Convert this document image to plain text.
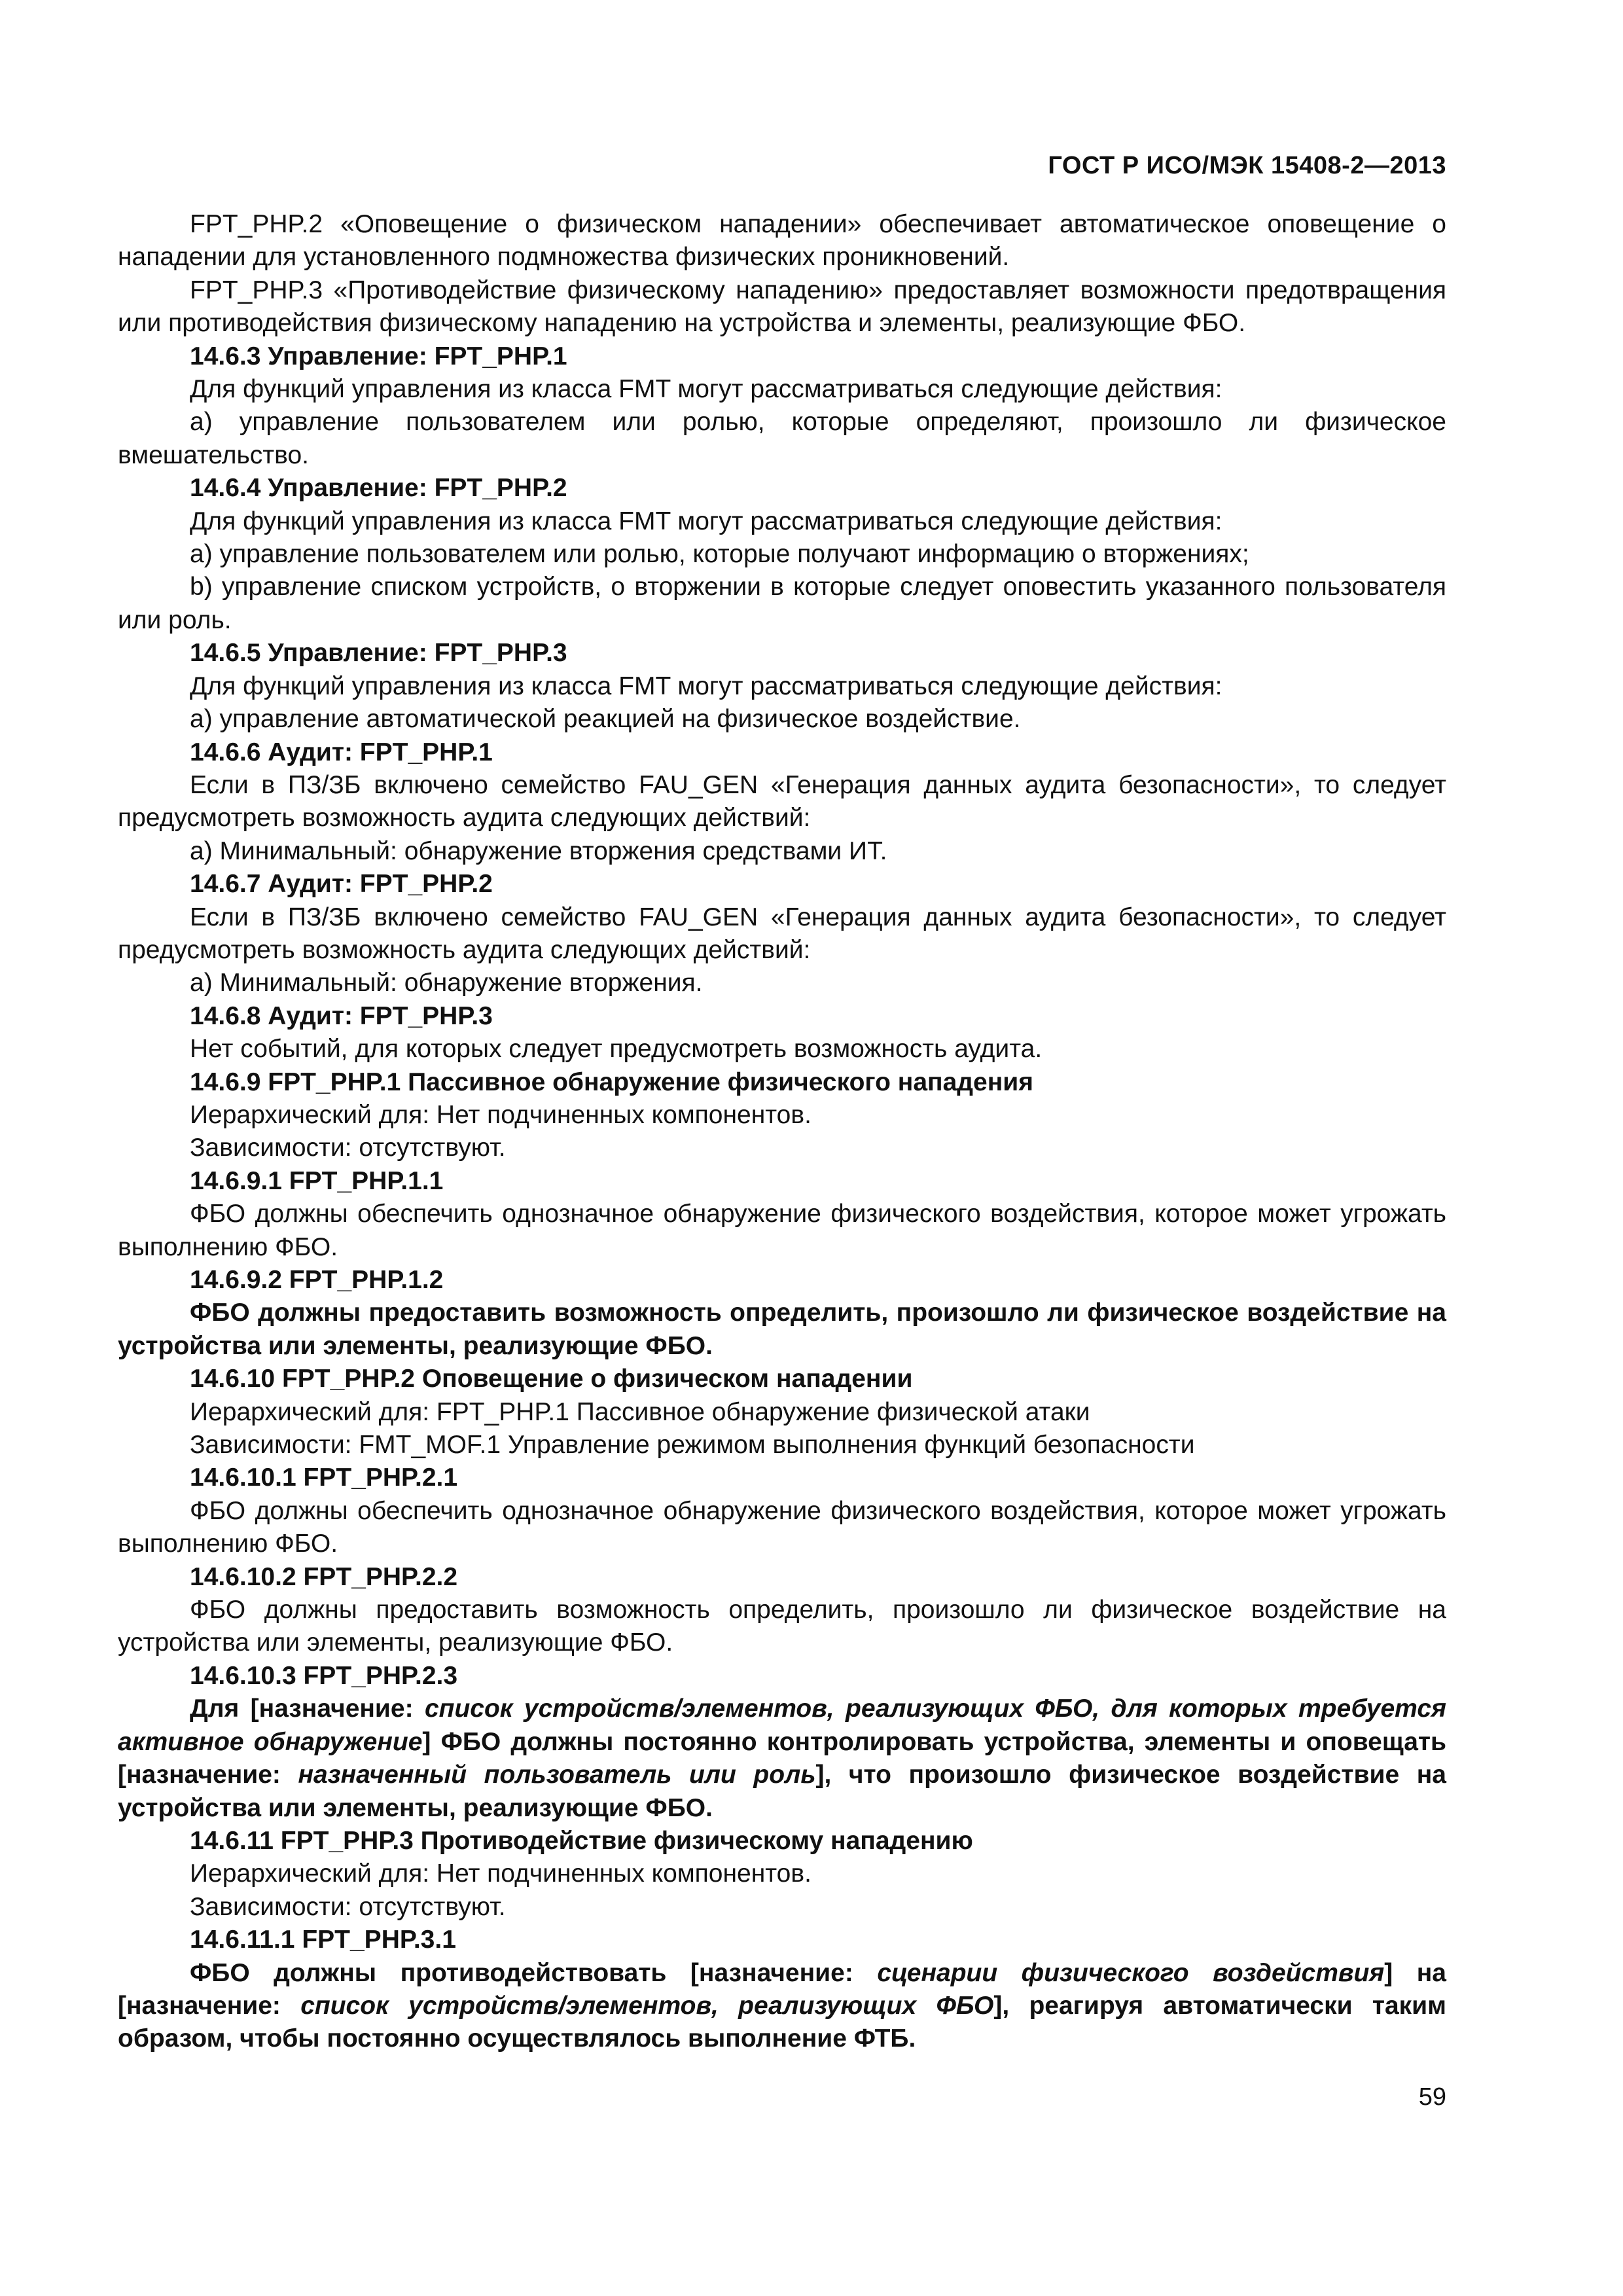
ГОСТ Р ИСО/МЭК 15408-2—2013

FPT_PHP.2 «Оповещение о физическом нападении» обеспечивает автоматическое оповещение о нападении для установленного подмножества физических проникновений.

FPT_PHP.3 «Противодействие физическому нападению» предоставляет возможности предотвращения или противодействия физическому нападению на устройства и элементы, реализующие ФБО.

14.6.3 Управление: FPT_PHP.1

Для функций управления из класса FMT могут рассматриваться следующие действия:

a) управление пользователем или ролью, которые определяют, произошло ли физическое вмешательство.

14.6.4 Управление: FPT_PHP.2

Для функций управления из класса FMT могут рассматриваться следующие действия:

a) управление пользователем или ролью, которые получают информацию о вторжениях;

b) управление списком устройств, о вторжении в которые следует оповестить указанного пользователя или роль.

14.6.5 Управление: FPT_PHP.3

Для функций управления из класса FMT могут рассматриваться следующие действия:

a) управление автоматической реакцией на физическое воздействие.

14.6.6 Аудит: FPT_PHP.1

Если в ПЗ/ЗБ включено семейство FAU_GEN «Генерация данных аудита безопасности», то следует предусмотреть возможность аудита следующих действий:

a) Минимальный: обнаружение вторжения средствами ИТ.

14.6.7 Аудит: FPT_PHP.2

Если в ПЗ/ЗБ включено семейство FAU_GEN «Генерация данных аудита безопасности», то следует предусмотреть возможность аудита следующих действий:

a) Минимальный: обнаружение вторжения.

14.6.8 Аудит: FPT_PHP.3

Нет событий, для которых следует предусмотреть возможность аудита.

14.6.9 FPT_PHP.1 Пассивное обнаружение физического нападения

Иерархический для: Нет подчиненных компонентов.

Зависимости: отсутствуют.

14.6.9.1 FPT_PHP.1.1

ФБО должны обеспечить однозначное обнаружение физического воздействия, которое может угрожать выполнению ФБО.

14.6.9.2 FPT_PHP.1.2

ФБО должны предоставить возможность определить, произошло ли физическое воздействие на устройства или элементы, реализующие ФБО.

14.6.10 FPT_PHP.2 Оповещение о физическом нападении

Иерархический для: FPT_PHP.1 Пассивное обнаружение физической атаки

Зависимости: FMT_MOF.1 Управление режимом выполнения функций безопасности

14.6.10.1 FPT_PHP.2.1

ФБО должны обеспечить однозначное обнаружение физического воздействия, которое может угрожать выполнению ФБО.

14.6.10.2 FPT_PHP.2.2

ФБО должны предоставить возможность определить, произошло ли физическое воздействие на устройства или элементы, реализующие ФБО.

14.6.10.3 FPT_PHP.2.3

Для [назначение: список устройств/элементов, реализующих ФБО, для которых требуется активное обнаружение] ФБО должны постоянно контролировать устройства, элементы и оповещать [назначение: назначенный пользователь или роль], что произошло физическое воздействие на устройства или элементы, реализующие ФБО.

14.6.11 FPT_PHP.3 Противодействие физическому нападению

Иерархический для: Нет подчиненных компонентов.

Зависимости: отсутствуют.

14.6.11.1 FPT_PHP.3.1

ФБО должны противодействовать [назначение: сценарии физического воздействия] на [назначение: список устройств/элементов, реализующих ФБО], реагируя автоматически таким образом, чтобы постоянно осуществлялось выполнение ФТБ.

59
